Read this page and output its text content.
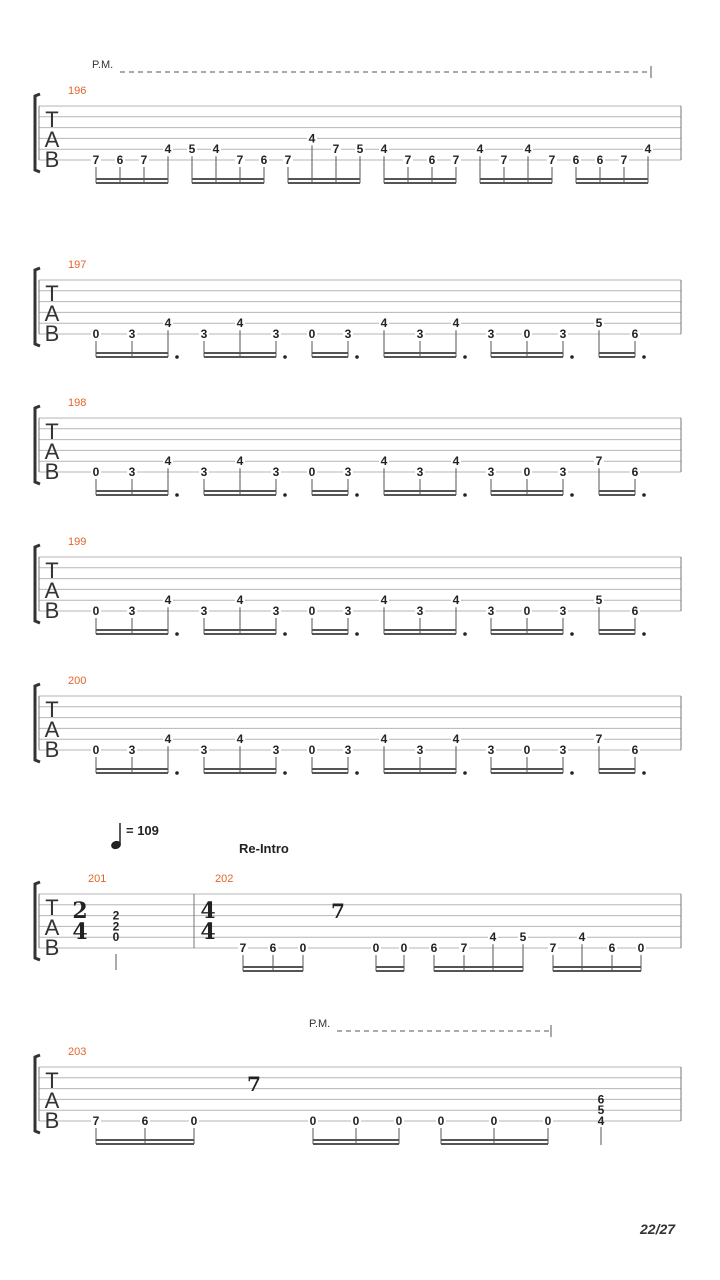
T
A
B
196
P.M.
7 6 7
4 5 4
7 6 7
4
7 5 4
7 6 7
4
7
4
7 6 6 7
4
T
A
B
197
0 3
4
3
4
3 0 3
4
3
4
3 0 3
5
6
T
A
B
198
0 3
4
3
4
3 0 3
4
3
4
3 0 3
7
6
T
A
B
199
0 3
4
3
4
3 0 3
4
3
4
3 0 3
5
6
T
A
B
200
0 3
4
3
4
3 0 3
4
3
4
3 0 3
7
6
T
A
B
201	202
2
4
4
4
2
2
0
7
= 109
Re-Intro
7 6 0	0 0 6 7
4 5
7
4
6 0
T
A
B
203
P.M.
7
6
5
4
7	6	0	0	0	0	0	0	0
22/27
